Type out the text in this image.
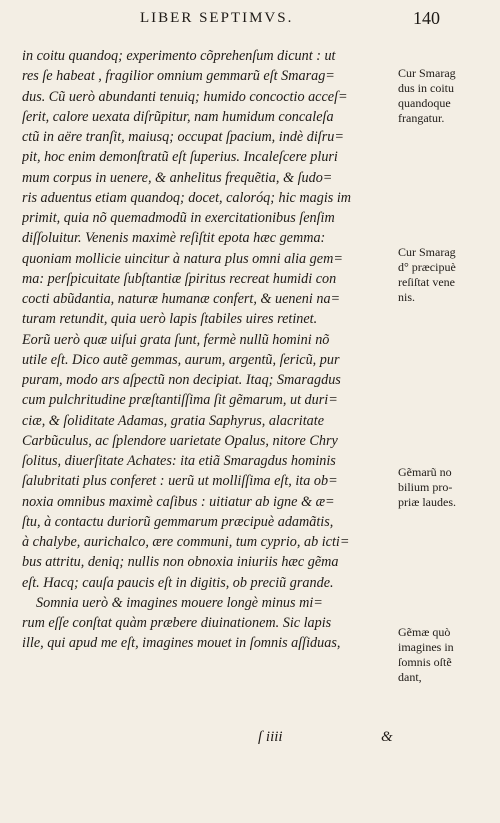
LIBER SEPTIMVS.	140
in coitu quandoq; experimento cõprehenſum dicunt : ut
res ſe habeat , fragilior omnium gemmarũ eſt Smarag=
dus. Cũ uerò abundanti tenuiq; humido concoctio acceſ=
ſerit, calore uexata diſrũpitur, nam humidum concaleſa
ctũ in aëre tranſit, maiusq; occupat ſpacium, indè diſru=
pit, hoc enim demonſtratũ eſt ſuperius. Incaleſcere pluri
mum corpus in uenere, & anhelitus frequẽtia, & ſudo=
ris aduentus etiam quandoq; docet, caloróq; hic magis im
primit, quia nõ quemadmodũ in exercitationibus ſenſim
diſſoluitur. Venenis maximè reſiſtit epota hæc gemma:
quoniam mollicie uincitur à natura plus omni alia gem=
ma: perſpicuitate ſubſtantiæ ſpiritus recreat humidi con
cocti abũdantia, naturæ humanæ confert, & ueneni na=
turam retundit, quia uerò lapis ſtabiles uires retinet.
Eorũ uerò quæ uiſui grata ſunt, fermè nullũ homini nõ
utile eſt. Dico autẽ gemmas, aurum, argentũ, ſericũ, pur
puram, modo ars aſpectũ non decipiat. Itaq; Smaragdus
cum pulchritudine præſtantiſſima ſit gẽmarum, ut duri=
ciæ, & ſoliditate Adamas, gratia Saphyrus, alacritate
Carbũculus, ac ſplendore uarietate Opalus, nitore Chry
ſolitus, diuerſitate Achates: ita etiã Smaragdus hominis
ſalubritati plus conferet : uerũ ut molliſſima eſt, ita ob=
noxia omnibus maximè caſibus : uitiatur ab igne & æ=
ſtu, à contactu duriorũ gemmarum præcipuè adamãtis,
à chalybe, aurichalco, ære communi, tum cyprio, ab icti=
bus attritu, deniq; nullis non obnoxia iniuriis hæc gẽma
eſt. Hacq; cauſa paucis eſt in digitis, ob preciũ grande.
Somnia uerò & imagines mouere longè minus mi=
rum eſſe conſtat quàm præbere diuinationem. Sic lapis
ille, qui apud me eſt, imagines mouet in ſomnis aſſiduas,
Cur Smarag
dus in coitu
quandoque
frangatur.
Cur Smarag
d° præcipuè
reſiſtat vene
nis.
Gẽmarũ no
bilium pro-
priæ laudes.
Gẽmæ quò
imagines in
ſomnis oſtẽ
dant,
ſ iiii	&
